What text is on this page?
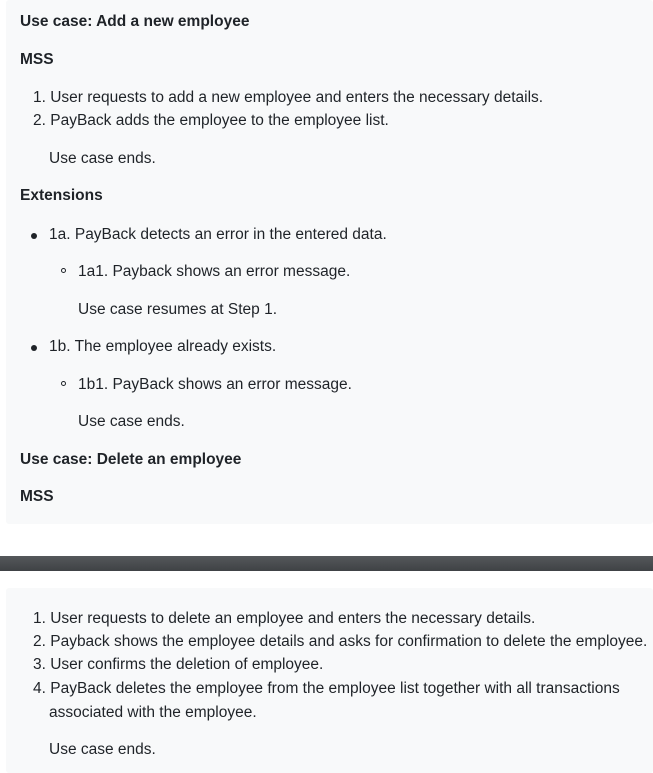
Use case: Add a new employee
MSS

1. User requests to add a new employee and enters the necessary details.

2. PayBack adds the employee to the employee list.

Use case ends.

Extensions

1a. PayBack detects an error in the entered data.

1a1. Payback shows an error message.

Use case resumes at Step 1.

1b. The employee already exists.

1b1. PayBack shows an error message.

Use case ends.

Use case: Delete an employee
MSS

1. User requests to delete an employee and enters the necessary details.

2. Payback shows the employee details and asks for confirmation to delete the employee.

3. User confirms the deletion of employee.

4. PayBack deletes the employee from the employee list together with all transactions

associated with the employee.

Use case ends.
